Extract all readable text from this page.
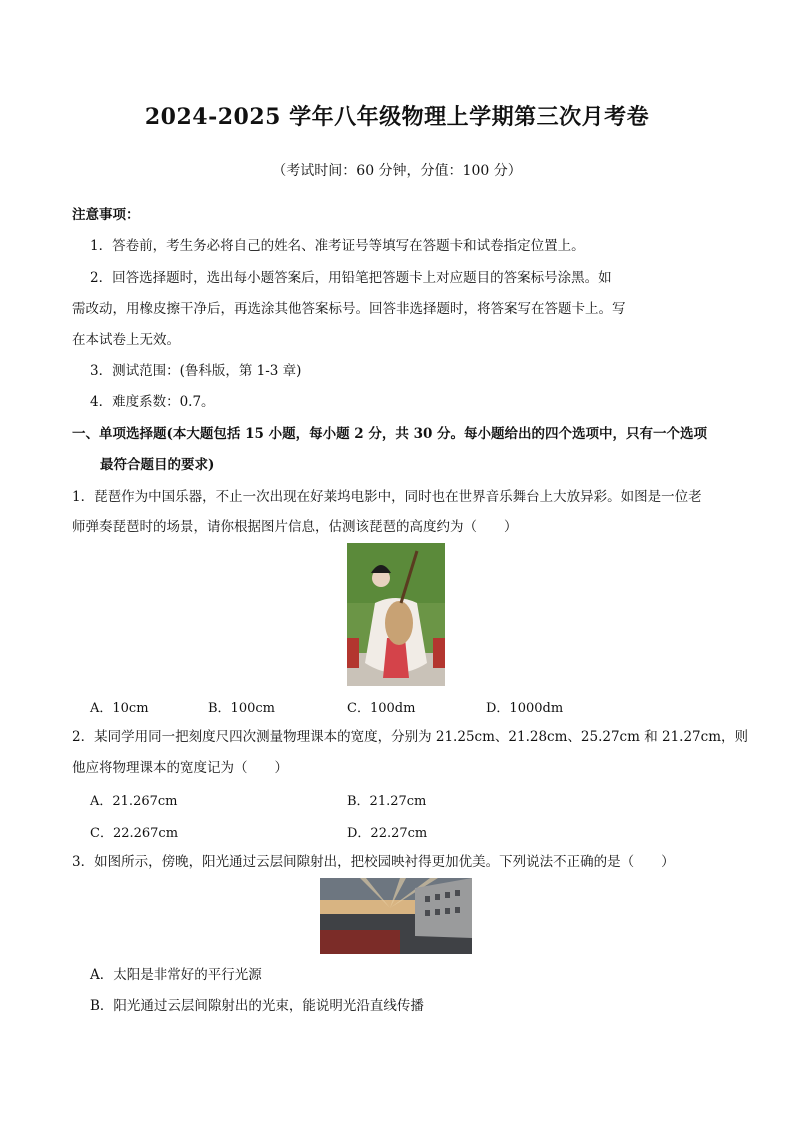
2024-2025 学年八年级物理上学期第三次月考卷
（考试时间：60 分钟，分值：100 分）
注意事项：
1．答卷前，考生务必将自己的姓名、准考证号等填写在答题卡和试卷指定位置上。
2．回答选择题时，选出每小题答案后，用铅笔把答题卡上对应题目的答案标号涂黑。如
需改动，用橡皮擦干净后，再选涂其他答案标号。回答非选择题时，将答案写在答题卡上。写
在本试卷上无效。
3．测试范围：(鲁科版，第 1-3 章)
4．难度系数：0.7。
一、单项选择题(本大题包括 15 小题，每小题 2 分，共 30 分。每小题给出的四个选项中，只有一个选项
最符合题目的要求)
1．琵琶作为中国乐器，不止一次出现在好莱坞电影中，同时也在世界音乐舞台上大放异彩。如图是一位老
师弹奏琵琶时的场景，请你根据图片信息，估测该琵琶的高度约为（　　）
A．10cm	B．100cm	C．100dm	D．1000dm
2．某同学用同一把刻度尺四次测量物理课本的宽度，分别为 21.25cm、21.28cm、25.27cm 和 21.27cm，则
他应将物理课本的宽度记为（　　）
A．21.267cm	B．21.27cm
C．22.267cm	D．22.27cm
3．如图所示，傍晚，阳光通过云层间隙射出，把校园映衬得更加优美。下列说法不正确的是（　　）
A．太阳是非常好的平行光源
B．阳光通过云层间隙射出的光束，能说明光沿直线传播
